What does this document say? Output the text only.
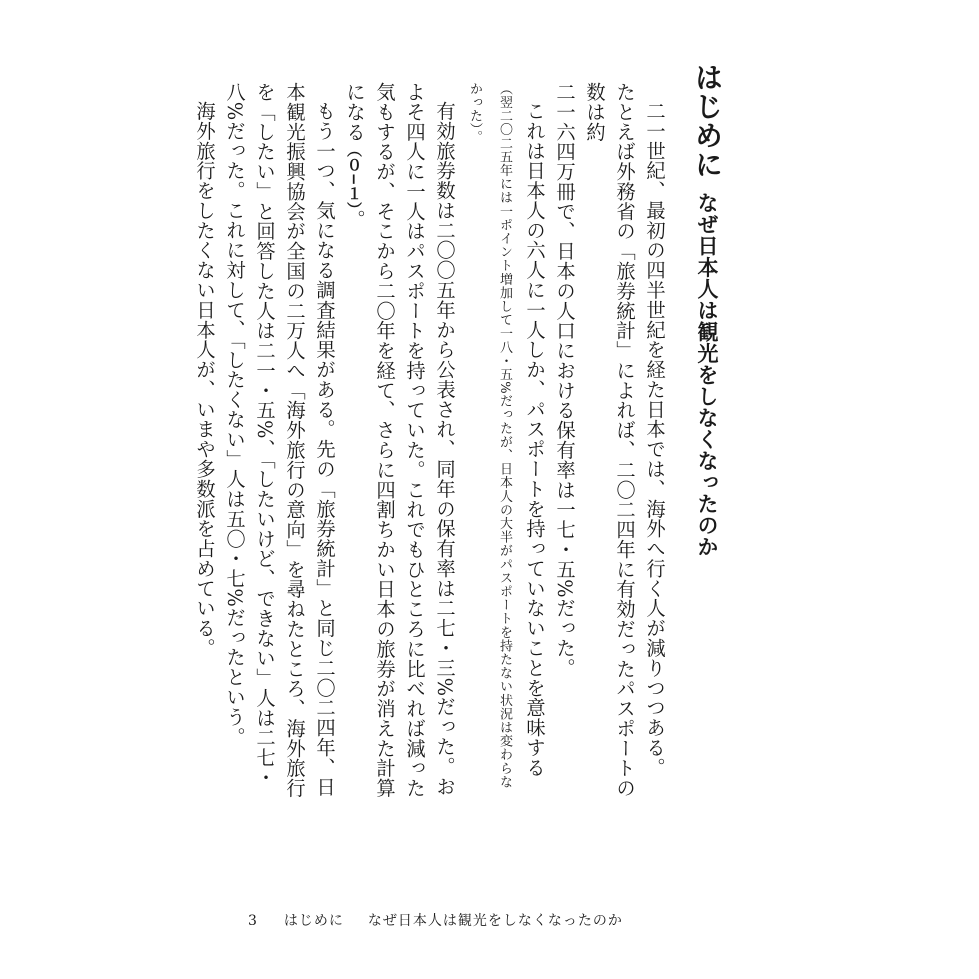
はじめに
なぜ日本人は観光をしなくなったのか

二一世紀、最初の四半世紀を経た日本では、海外へ行く人が減りつつある。

たとえば外務省の「旅券統計」によれば、二〇二四年に有効だったパスポートの数は約

二一六四万冊で、日本の人口における保有率は一七・五%だった。

これは日本人の六人に一人しか、パスポートを持っていないことを意味する（翌二〇二五年には一ポイント増加して一八・五%だったが、日本人の大半がパスポートを持たない状況は変わらなかった）。

有効旅券数は二〇〇五年から公表され、同年の保有率は二七・三%だった。およそ四人に一人はパスポートを持っていた。これでもひところに比べれば減った気もするが、そこから二〇年を経て、さらに四割ちかい日本の旅券が消えた計算になる（０−１）。

もう一つ、気になる調査結果がある。先の「旅券統計」と同じ二〇二四年、日本観光振興協会が全国の二万人へ「海外旅行の意向」を尋ねたところ、海外旅行を「したい」と回答した人は二一・五%、「したいけど、できない」人は二七・八%だった。これに対して、「したくない」人は五〇・七%だったという。

海外旅行をしたくない日本人が、いまや多数派を占めている。

3 はじめに なぜ日本人は観光をしなくなったのか
